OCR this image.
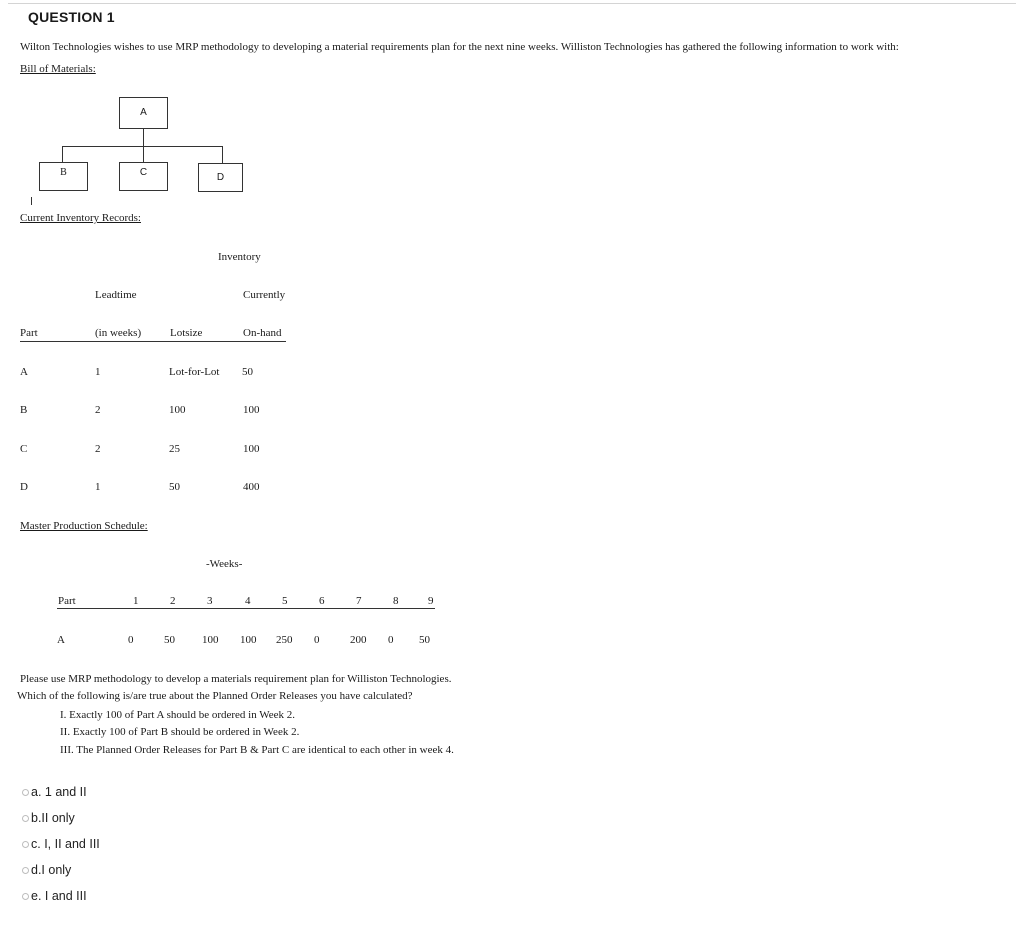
QUESTION 1
Wilton Technologies wishes to use MRP methodology to developing a material requirements plan for the next nine weeks. Williston Technologies has gathered the following information to work with:
Bill of Materials:
A
B	C	D
Current Inventory Records:
Inventory
Leadtime	Currently
Part	(in weeks)	Lotsize	On-hand
A	1	Lot-for-Lot 50
B	2	100	100
C	2	25	100
D	1	50	400
Master Production Schedule:
-Weeks-
Part	1	2	3	4	5	6	7	8	9
A	0	50 100 100 250 0	200 0 50
Please use MRP methodology to develop a materials requirement plan for Williston Technologies.
Which of the following is/are true about the Planned Order Releases you have calculated?
I. Exactly 100 of Part A should be ordered in Week 2.
II. Exactly 100 of Part B should be ordered in Week 2.
III. The Planned Order Releases for Part B & Part C are identical to each other in week 4.
a. 1 and II
b.II only
c. I, II and III
d.I only
e. I and III
